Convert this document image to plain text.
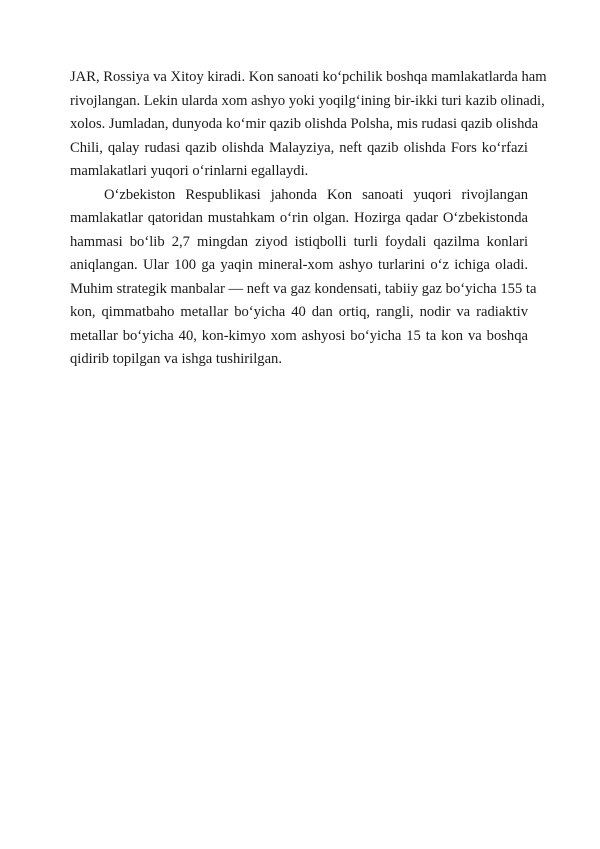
JAR, Rossiya va Xitoy kiradi. Kon sanoati ko‘pchilik boshqa mamlakatlarda ham
rivojlangan. Lekin ularda xom ashyo yoki yoqilg‘ining bir-ikki turi kazib olinadi,
xolos. Jumladan, dunyoda ko‘mir qazib olishda Polsha, mis rudasi qazib olishda
Chili, qalay rudasi qazib olishda Malayziya, neft qazib olishda Fors ko‘rfazi
mamlakatlari yuqori o‘rinlarni egallaydi.

O‘zbekiston Respublikasi jahonda Kon sanoati yuqori rivojlangan
mamlakatlar qatoridan mustahkam o‘rin olgan. Hozirga qadar O‘zbekistonda
hammasi bo‘lib 2,7 mingdan ziyod istiqbolli turli foydali qazilma konlari
aniqlangan. Ular 100 ga yaqin mineral-xom ashyo turlarini o‘z ichiga oladi.
Muhim strategik manbalar — neft va gaz kondensati, tabiiy gaz bo‘yicha 155 ta
kon, qimmatbaho metallar bo‘yicha 40 dan ortiq, rangli, nodir va radiaktiv
metallar bo‘yicha 40, kon-kimyo xom ashyosi bo‘yicha 15 ta kon va boshqa
qidirib topilgan va ishga tushirilgan.
